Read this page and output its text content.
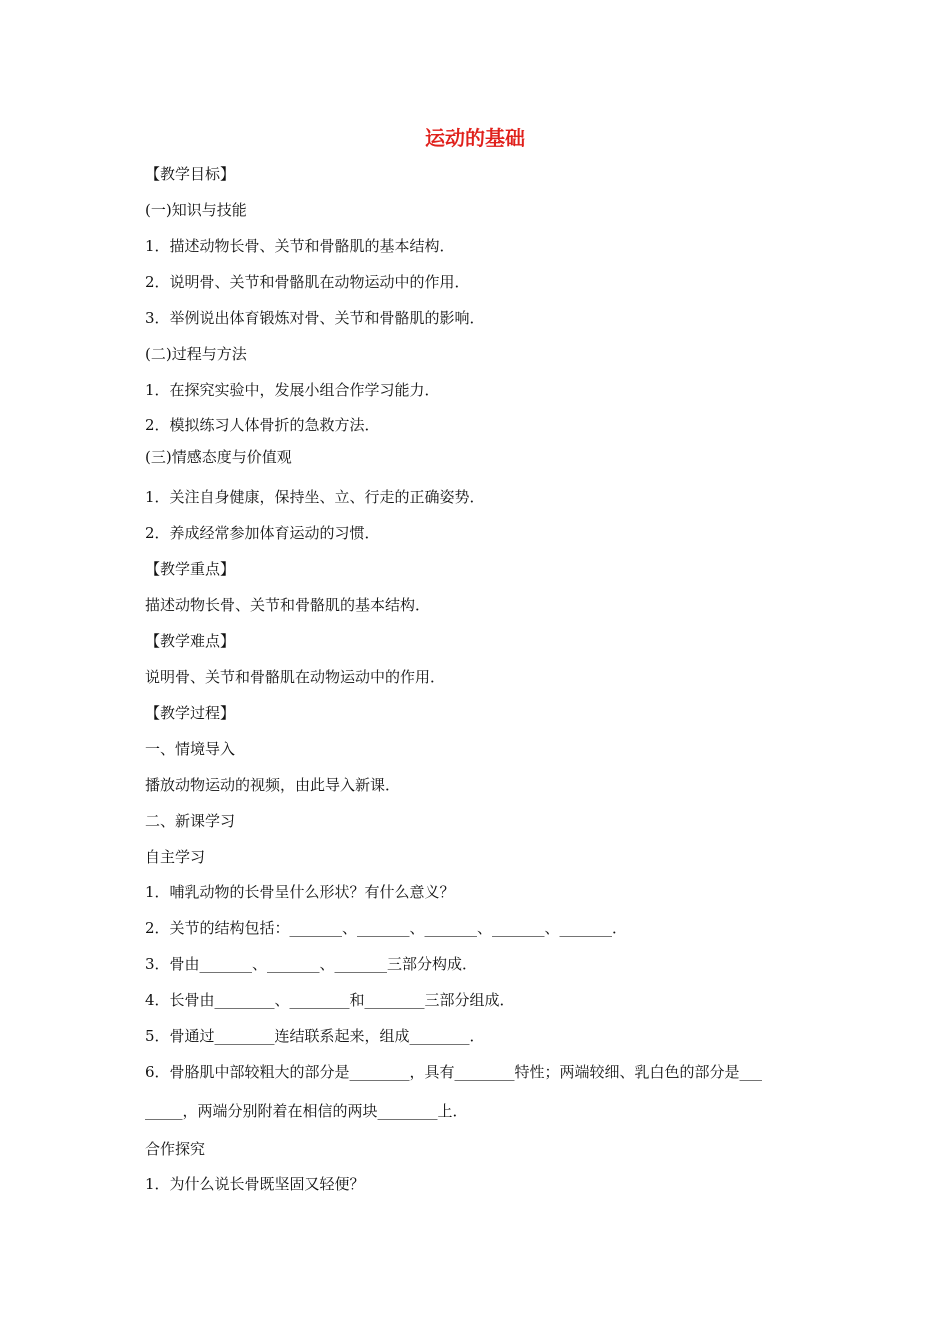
运动的基础
【教学目标】
(一)知识与技能
1．描述动物长骨、关节和骨骼肌的基本结构．
2．说明骨、关节和骨骼肌在动物运动中的作用．
3．举例说出体育锻炼对骨、关节和骨骼肌的影响．
(二)过程与方法
1．在探究实验中，发展小组合作学习能力．
2．模拟练习人体骨折的急救方法．
(三)情感态度与价值观
1．关注自身健康，保持坐、立、行走的正确姿势．
2．养成经常参加体育运动的习惯．
【教学重点】
描述动物长骨、关节和骨骼肌的基本结构．
【教学难点】
说明骨、关节和骨骼肌在动物运动中的作用．
【教学过程】
一、情境导入
播放动物运动的视频，由此导入新课．
二、新课学习
自主学习
1．哺乳动物的长骨呈什么形状？有什么意义？
2．关节的结构包括：_______、_______、_______、_______、_______．
3．骨由_______、_______、_______三部分构成．
4．长骨由________、________和________三部分组成．
5．骨通过________连结联系起来，组成________．
6．骨胳肌中部较粗大的部分是________，具有________特性；两端较细、乳白色的部分是___
_____，两端分别附着在相信的两块________上．
合作探究
1．为什么说长骨既坚固又轻便？
